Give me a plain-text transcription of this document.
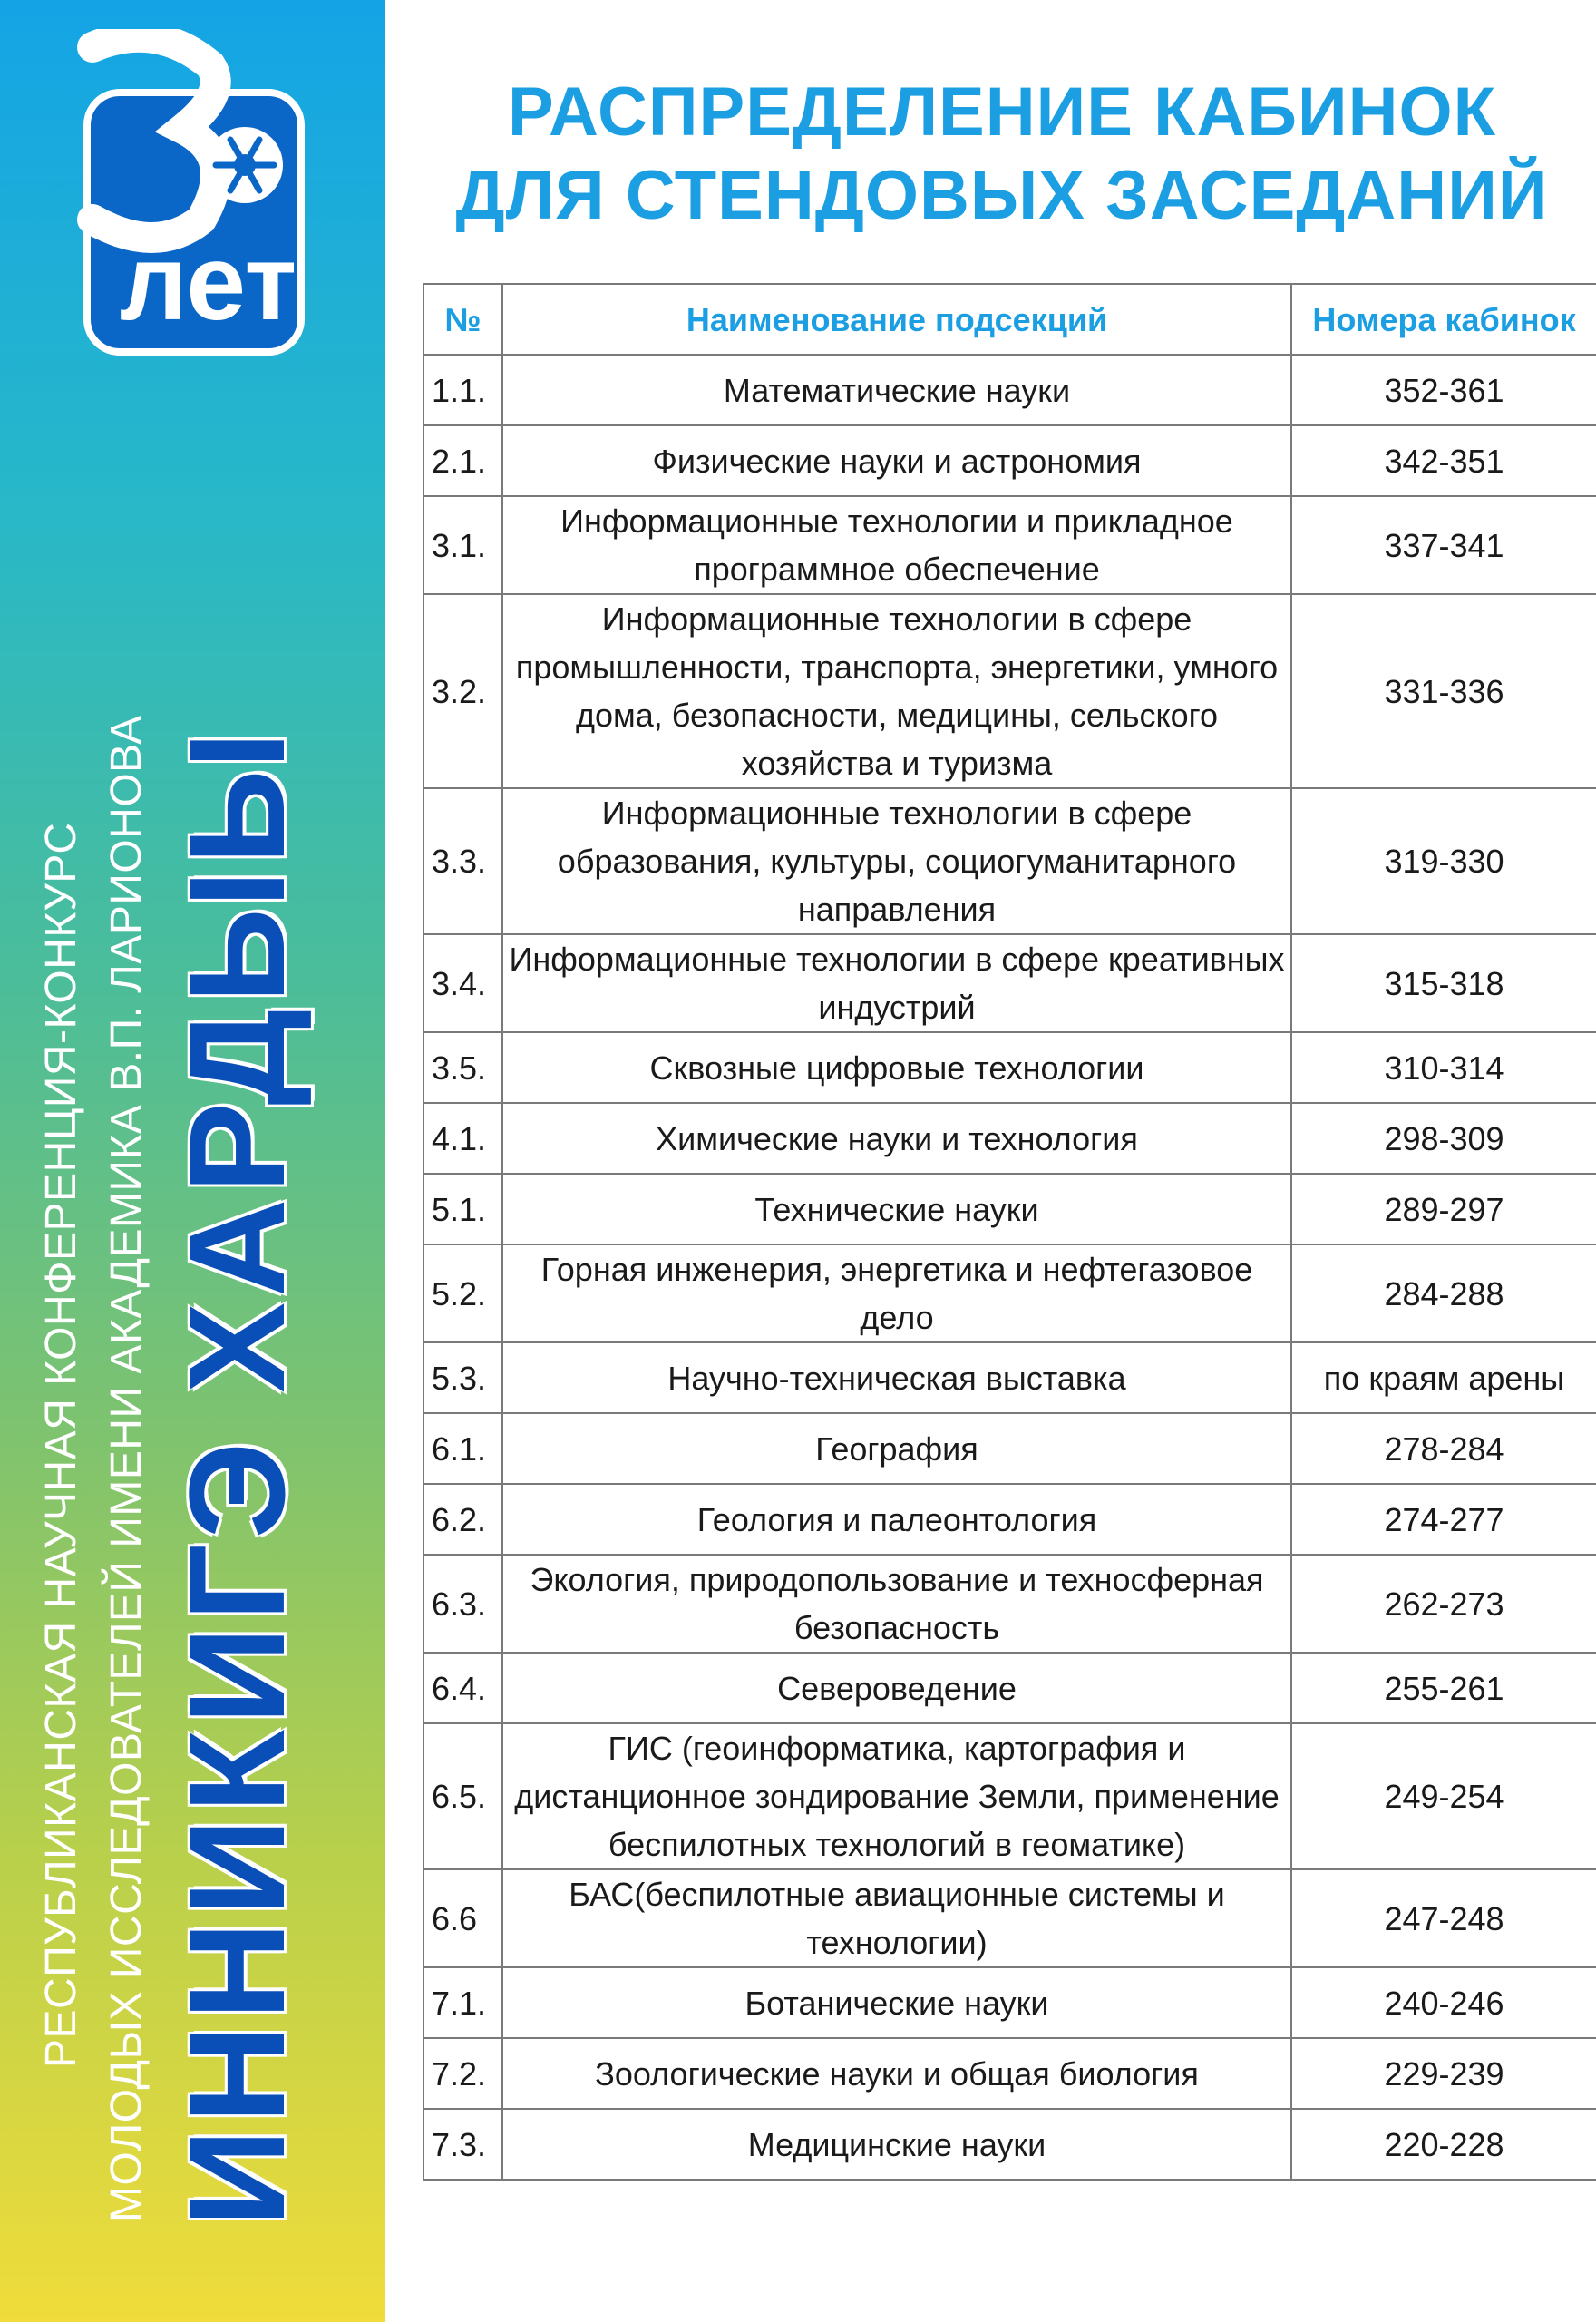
лет
РЕСПУБЛИКАНСКАЯ НАУЧНАЯ КОНФЕРЕНЦИЯ-КОНКУРС МОЛОДЫХ ИССЛЕДОВАТЕЛЕЙ ИМЕНИ АКАДЕМИКА В.П. ЛАРИОНОВА ИННИКИГЭ ХАРДЫЫ
РАСПРЕДЕЛЕНИЕ КАБИНОК
ДЛЯ СТЕНДОВЫХ ЗАСЕДАНИЙ
№	Наименование подсекций	Номера кабинок
1.1.	Математические науки	352-361
2.1.	Физические науки и астрономия	342-351
3.1.	Информационные технологии и прикладное программное обеспечение	337-341
3.2.	Информационные технологии в сфере промышленности, транспорта, энергетики, умного дома, безопасности, медицины, сельского хозяйства и туризма	331-336
3.3.	Информационные технологии в сфере образования, культуры, социогуманитарного направления	319-330
3.4.	Информационные технологии в сфере креативных индустрий	315-318
3.5.	Сквозные цифровые технологии	310-314
4.1.	Химические науки и технология	298-309
5.1.	Технические науки	289-297
5.2.	Горная инженерия, энергетика и нефтегазовое дело	284-288
5.3.	Научно-техническая выставка	по краям арены
6.1.	География	278-284
6.2.	Геология и палеонтология	274-277
6.3.	Экология, природопользование и техносферная безопасность	262-273
6.4.	Североведение	255-261
6.5.	ГИС (геоинформатика, картография и дистанционное зондирование Земли, применение беспилотных технологий в геоматике)	249-254
6.6	БАС(беспилотные авиационные системы и технологии)	247-248
7.1.	Ботанические науки	240-246
7.2.	Зоологические науки и общая биология	229-239
7.3.	Медицинские науки	220-228
